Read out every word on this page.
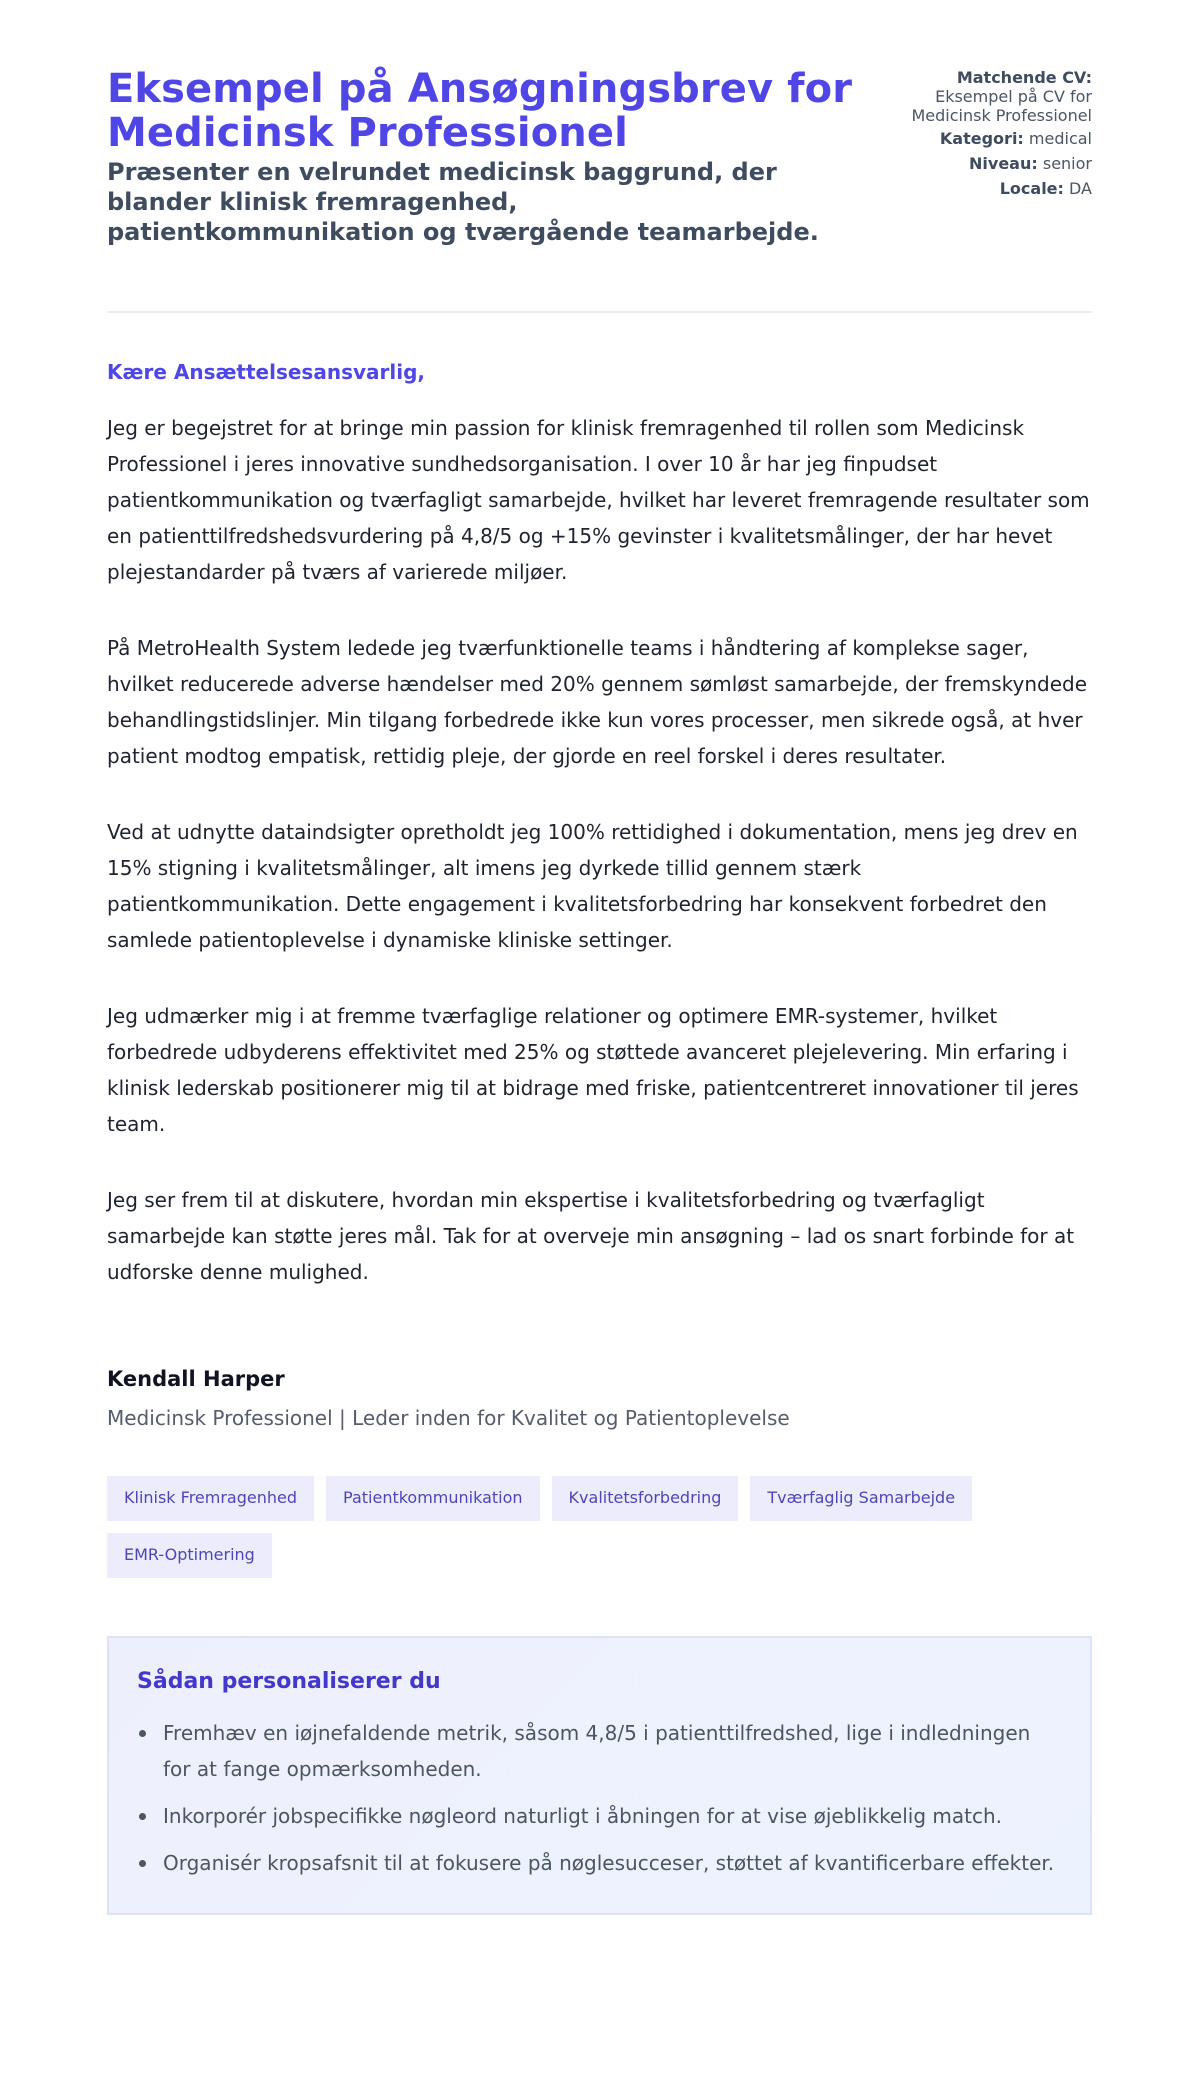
Eksempel på Ansøgningsbrev for Medicinsk Professionel
Præsenter en velrundet medicinsk baggrund, der blander klinisk fremragenhed, patientkommunikation og tværgående teamarbejde.
Matchende CV:
Eksempel på CV for Medicinsk Professionel
Kategori: medical
Niveau: senior
Locale: DA
Kære Ansættelsesansvarlig,

Jeg er begejstret for at bringe min passion for klinisk fremragenhed til rollen som Medicinsk Professionel i jeres innovative sundhedsorganisation. I over 10 år har jeg finpudset patientkommunikation og tværfagligt samarbejde, hvilket har leveret fremragende resultater som en patienttilfredshedsvurdering på 4,8/5 og +15% gevinster i kvalitetsmålinger, der har hevet plejestandarder på tværs af varierede miljøer.

På MetroHealth System ledede jeg tværfunktionelle teams i håndtering af komplekse sager, hvilket reducerede adverse hændelser med 20% gennem sømløst samarbejde, der fremskyndede behandlingstidslinjer. Min tilgang forbedrede ikke kun vores processer, men sikrede også, at hver patient modtog empatisk, rettidig pleje, der gjorde en reel forskel i deres resultater.

Ved at udnytte dataindsigter opretholdt jeg 100% rettidighed i dokumentation, mens jeg drev en 15% stigning i kvalitetsmålinger, alt imens jeg dyrkede tillid gennem stærk patientkommunikation. Dette engagement i kvalitetsforbedring har konsekvent forbedret den samlede patientoplevelse i dynamiske kliniske settinger.

Jeg udmærker mig i at fremme tværfaglige relationer og optimere EMR-systemer, hvilket forbedrede udbyderens effektivitet med 25% og støttede avanceret plejelevering. Min erfaring i klinisk lederskab positionerer mig til at bidrage med friske, patientcentreret innovationer til jeres team.

Jeg ser frem til at diskutere, hvordan min ekspertise i kvalitetsforbedring og tværfagligt samarbejde kan støtte jeres mål. Tak for at overveje min ansøgning – lad os snart forbinde for at udforske denne mulighed.

Kendall Harper
Medicinsk Professionel | Leder inden for Kvalitet og Patientoplevelse
Klinisk Fremragenhed	Patientkommunikation	Kvalitetsforbedring	Tværfaglig Samarbejde
EMR-Optimering
Sådan personaliserer du
Fremhæv en iøjnefaldende metrik, såsom 4,8/5 i patienttilfredshed, lige i indledningen for at fange opmærksomheden.
Inkorporér jobspecifikke nøgleord naturligt i åbningen for at vise øjeblikkelig match.
Organisér kropsafsnit til at fokusere på nøglesucceser, støttet af kvantificerbare effekter.
